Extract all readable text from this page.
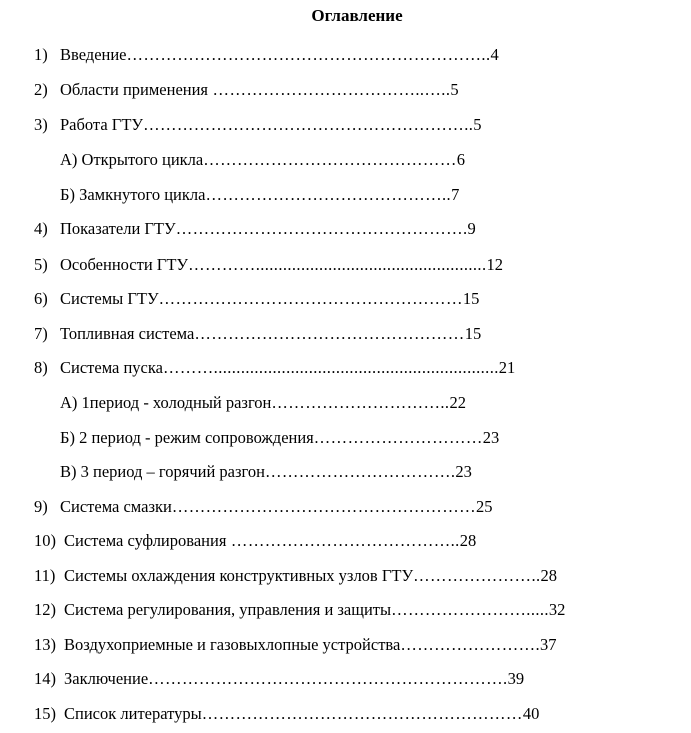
Оглавление
1) Введение………………………………………………………..4
2) Области применения ………………………………..…..5
3) Работа ГТУ…………………………………………………..5
А) Открытого цикла………………………………………6
Б) Замкнутого цикла……………………………………..7
4) Показатели ГТУ…………………………………………….9
5) Особенности ГТУ…………...................................................12
6) Системы ГТУ………………………………………………15
7) Топливная система…………………………………………15
8) Система пуска………...............................................................21
А) 1период - холодный разгон…………………………..22
Б) 2 период - режим сопровождения…………………………23
В) 3 период – горячий разгон…………………………….23
9) Система смазки………………………………………………25
10) Система суфлирования …………………………………..28
11) Системы охлаждения конструктивных узлов ГТУ…………………..28
12) Система регулирования, управления и защиты…………………….....32
13) Воздухоприемные и газовыхлопные устройства…………………….37
14) Заключение……………………………………………………….39
15) Список литературы…………………………………………………40
